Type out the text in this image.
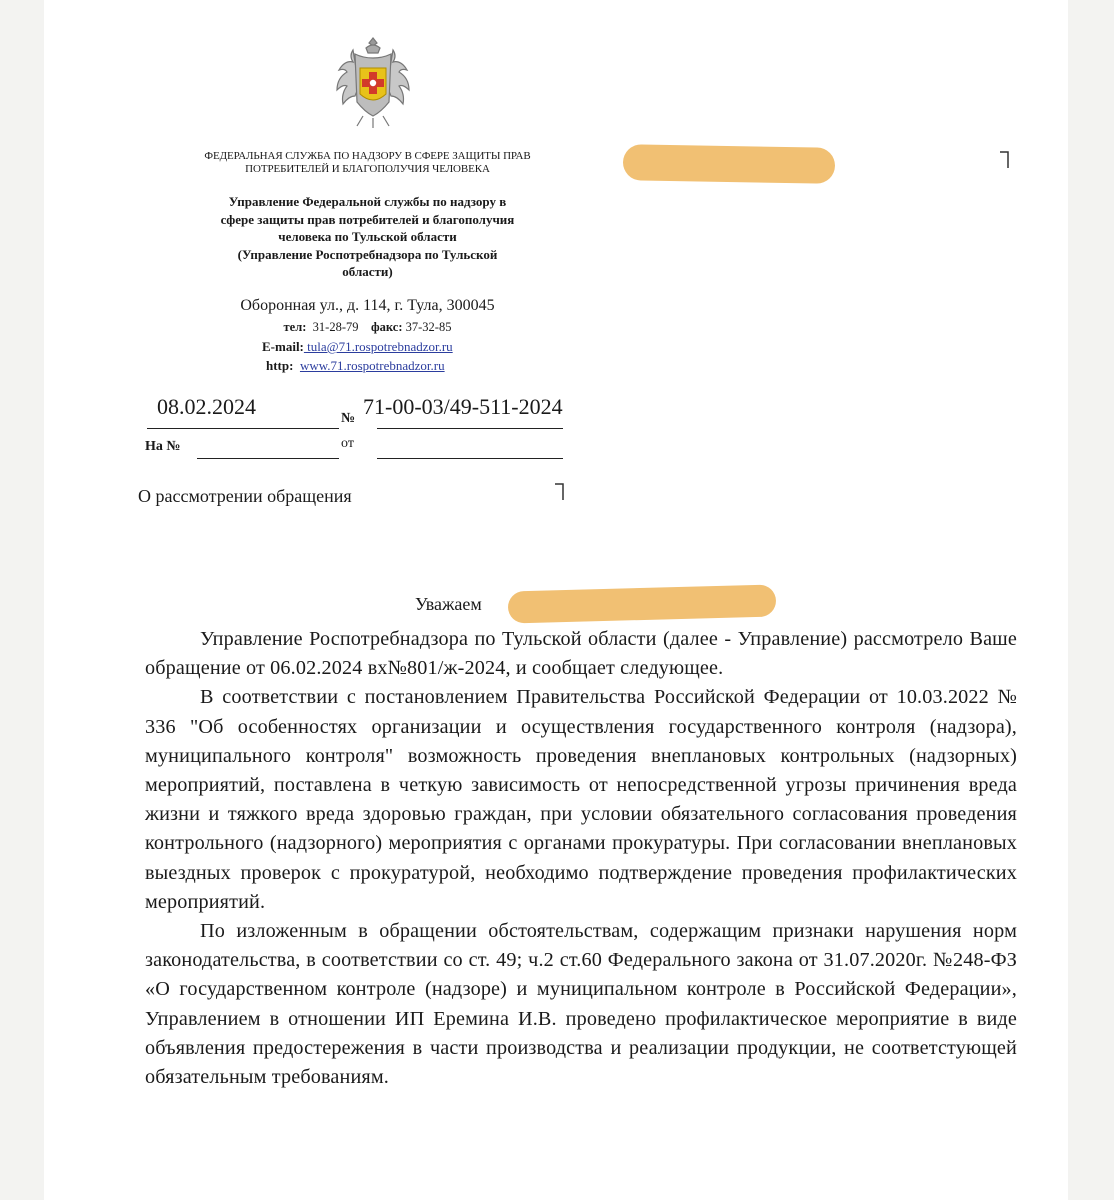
ФЕДЕРАЛЬНАЯ СЛУЖБА ПО НАДЗОРУ В СФЕРЕ ЗАЩИТЫ ПРАВ ПОТРЕБИТЕЛЕЙ И БЛАГОПОЛУЧИЯ ЧЕЛОВЕКА
Управление Федеральной службы по надзору в
сфере защиты прав потребителей и благополучия
человека по Тульской области
(Управление Роспотребнадзора по Тульской
области)
Оборонная ул., д. 114, г. Тула, 300045
тел: 31-28-79 факс: 37-32-85
E-mail: tula@71.rospotrebnadzor.ru
http: www.71.rospotrebnadzor.ru
08.02.2024	№ 71-00-03/49-511-2024
На №	от
О рассмотрении обращения
Уважаем

Управление Роспотребнадзора по Тульской области (далее - Управление) рассмотрело Ваше обращение от 06.02.2024 вх№801/ж-2024, и сообщает следующее.

В соответствии с постановлением Правительства Российской Федерации от 10.03.2022 № 336 "Об особенностях организации и осуществления государственного контроля (надзора), муниципального контроля" возможность проведения внеплановых контрольных (надзорных) мероприятий, поставлена в четкую зависимость от непосредственной угрозы причинения вреда жизни и тяжкого вреда здоровью граждан, при условии обязательного согласования проведения контрольного (надзорного) мероприятия с органами прокуратуры. При согласовании внеплановых выездных проверок с прокуратурой, необходимо подтверждение проведения профилактических мероприятий.

По изложенным в обращении обстоятельствам, содержащим признаки нарушения норм законодательства, в соответствии со ст. 49; ч.2 ст.60 Федерального закона от 31.07.2020г. №248-ФЗ «О государственном контроле (надзоре) и муниципальном контроле в Российской Федерации», Управлением в отношении ИП Еремина И.В. проведено профилактическое мероприятие в виде объявления предостережения в части производства и реализации продукции, не соответстующей обязательным требованиям.
